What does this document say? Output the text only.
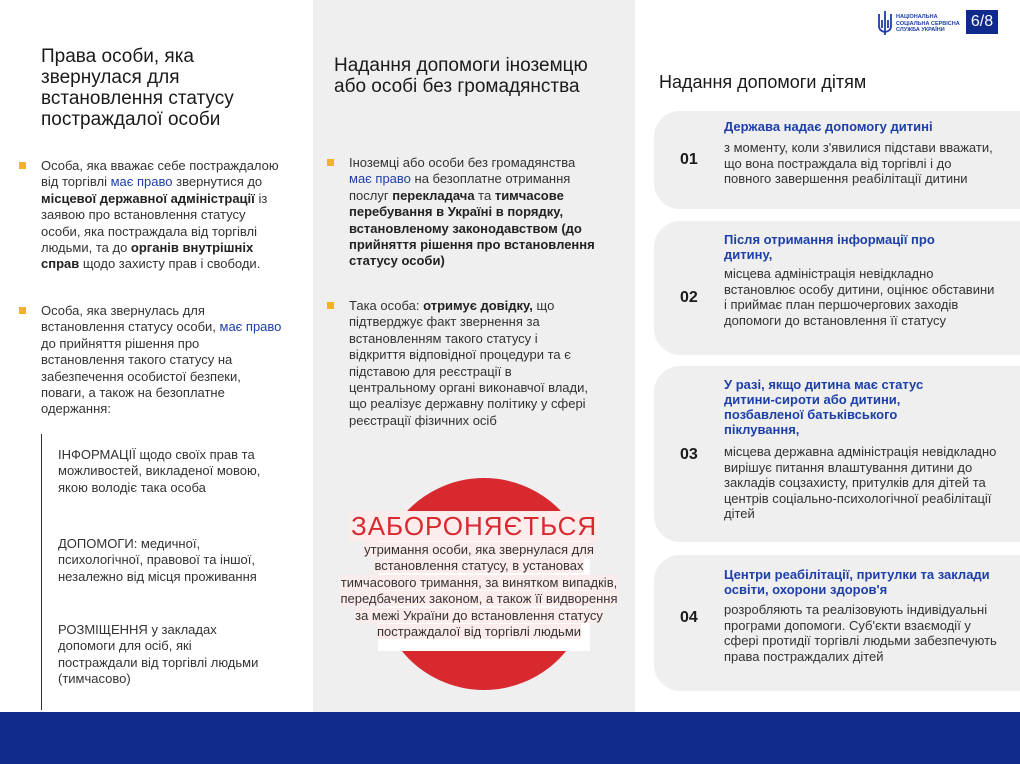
НАЦІОНАЛЬНА
СОЦІАЛЬНА СЕРВІСНА
СЛУЖБА УКРАЇНИ	6/8
Права особи, яка звернулася для встановлення статусу постраждалої особи
Особа, яка вважає себе постраждалою від торгівлі має право звернутися до місцевої державної адміністрації із заявою про встановлення статусу особи, яка постраждала від торгівлі людьми, та до органів внутрішніх справ щодо захисту прав і свободи.
Особа, яка звернулась для встановлення статусу особи, має право до прийняття рішення про встановлення такого статусу на забезпечення особистої безпеки, поваги, а також на безоплатне одержання:
ІНФОРМАЦІЇ щодо своїх прав та можливостей, викладеної мовою, якою володіє така особа
ДОПОМОГИ: медичної, психологічної, правової та іншої, незалежно від місця проживання
РОЗМІЩЕННЯ у закладах допомоги для осіб, які постраждали від торгівлі людьми (тимчасово)
Надання допомоги іноземцю або особі без громадянства
Іноземці або особи без громадянства має право на безоплатне отримання послуг перекладача та тимчасове перебування в Україні в порядку, встановленому законодавством (до прийняття рішення про встановлення статусу особи)
Така особа: отримує довідку, що підтверджує факт звернення за встановленням такого статусу і відкриття відповідної процедури та є підставою для реєстрації в центральному органі виконавчої влади, що реалізує державну політику у сфері реєстрації фізичних осіб
ЗАБОРОНЯЄТЬСЯ
утримання особи, яка звернулася для встановлення статусу, в установах тимчасового тримання, за винятком випадків, передбачених законом, а також її видворення за межі України до встановлення статусу постраждалої від торгівлі людьми
Надання допомоги дітям
01
Держава надає допомогу дитині
з моменту, коли з'явилися підстави вважати, що вона постраждала від торгівлі і до повного завершення реабілітації дитини
02
Після отримання інформації про дитину,
місцева адміністрація невідкладно встановлює особу дитини, оцінює обставини і приймає план першочергових заходів допомоги до встановлення її статусу
03
У разі, якщо дитина має статус дитини-сироти або дитини, позбавленої батьківського піклування,
місцева державна адміністрація невідкладно вирішує питання влаштування дитини до закладів соцзахисту, притулків для дітей та центрів соціально-психологічної реабілітації дітей
04
Центри реабілітації, притулки та заклади освіти, охорони здоров'я
розробляють та реалізовують індивідуальні програми допомоги. Суб'єкти взаємодії у сфері протидії торгівлі людьми забезпечують права постраждалих дітей
